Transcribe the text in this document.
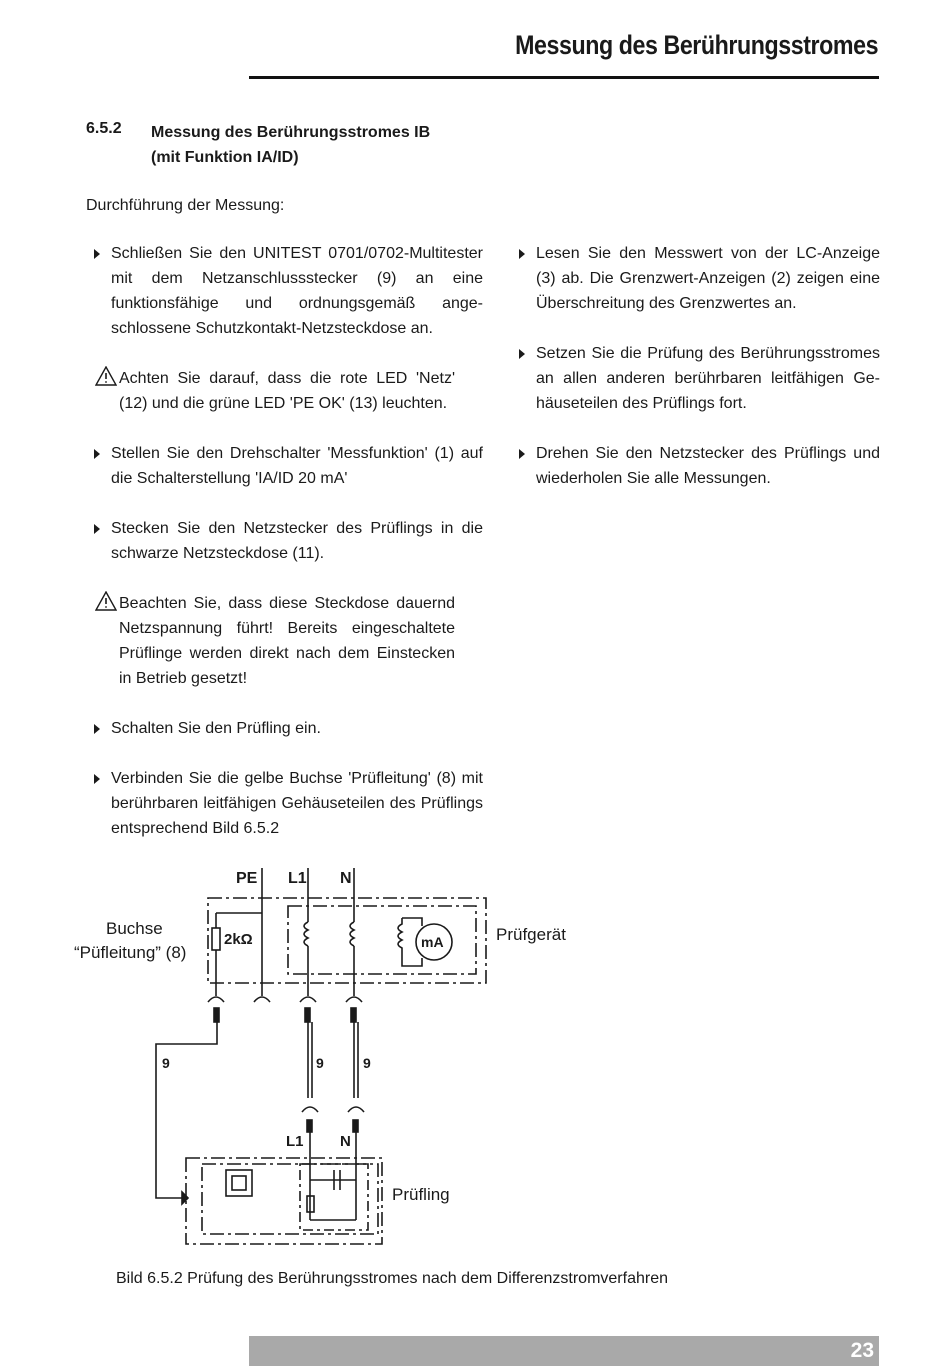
Messung des Berührungsstromes
6.5.2 Messung des Berührungsstromes IB
(mit Funktion IA/ID)
Durchführung der Messung:
Schließen Sie den UNITEST 0701/0702-Multitester mit dem Netzanschlussstecker (9) an eine funktionsfähige und ordnungsgemäß angeschlossene Schutzkontakt-Netzsteckdose an.
Achten Sie darauf, dass die rote LED 'Netz' (12) und die grüne LED 'PE OK' (13) leuchten.
Stellen Sie den Drehschalter 'Messfunktion' (1) auf die Schalterstellung 'IA/ID 20 mA'
Stecken Sie den Netzstecker des Prüflings in die schwarze Netzsteckdose (11).
Beachten Sie, dass diese Steckdose dauernd Netzspannung führt! Bereits eingeschaltete Prüflinge werden direkt nach dem Einstecken in Betrieb gesetzt!
Schalten Sie den Prüfling ein.
Verbinden Sie die gelbe Buchse 'Prüfleitung' (8) mit berührbaren leitfähigen Gehäuseteilen des Prüflings entsprechend Bild 6.5.2
Lesen Sie den Messwert von der LC-Anzeige (3) ab. Die Grenzwert-Anzeigen (2) zeigen eine Überschreitung des Grenzwertes an.
Setzen Sie die Prüfung des Berührungsstromes an allen anderen berührbaren leitfähigen Gehäuseteilen des Prüflings fort.
Drehen Sie den Netzstecker des Prüflings und wiederholen Sie alle Messungen.
PE L1 N
mA
2kΩ
9	9	9
L1 N
Buchse
“Püfleitung” (8)
Prüfgerät
Prüfling
Bild 6.5.2 Prüfung des Berührungsstromes nach dem Differenzstromverfahren
23
